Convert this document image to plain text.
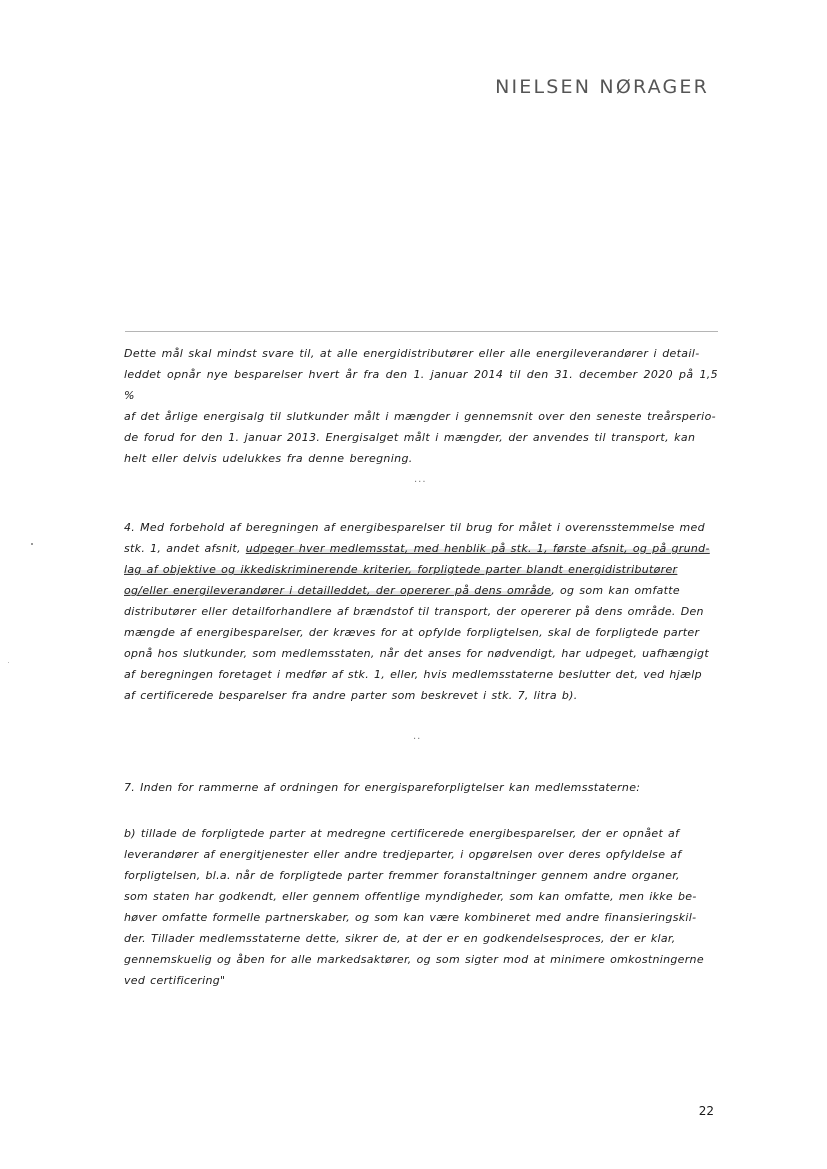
NIELSEN NØRAGER

Dette mål skal mindst svare til, at alle energidistributører eller alle energileverandører i detail-
leddet opnår nye besparelser hvert år fra den 1. januar 2014 til den 31. december 2020 på 1,5 %
af det årlige energisalg til slutkunder målt i mængder i gennemsnit over den seneste treårsperio-
de forud for den 1. januar 2013. Energisalget målt i mængder, der anvendes til transport, kan
helt eller delvis udelukkes fra denne beregning.

...

4. Med forbehold af beregningen af energibesparelser til brug for målet i overensstemmelse med
stk. 1, andet afsnit, udpeger hver medlemsstat, med henblik på stk. 1, første afsnit, og på grund-
lag af objektive og ikkediskriminerende kriterier, forpligtede parter blandt energidistributører
og/eller energileverandører i detailleddet, der opererer på dens område, og som kan omfatte
distributører eller detailforhandlere af brændstof til transport, der opererer på dens område. Den
mængde af energibesparelser, der kræves for at opfylde forpligtelsen, skal de forpligtede parter
opnå hos slutkunder, som medlemsstaten, når det anses for nødvendigt, har udpeget, uafhængigt
af beregningen foretaget i medfør af stk. 1, eller, hvis medlemsstaterne beslutter det, ved hjælp
af certificerede besparelser fra andre parter som beskrevet i stk. 7, litra b).

..

7. Inden for rammerne af ordningen for energispareforpligtelser kan medlemsstaterne:

b) tillade de forpligtede parter at medregne certificerede energibesparelser, der er opnået af
leverandører af energitjenester eller andre tredjeparter, i opgørelsen over deres opfyldelse af
forpligtelsen, bl.a. når de forpligtede parter fremmer foranstaltninger gennem andre organer,
som staten har godkendt, eller gennem offentlige myndigheder, som kan omfatte, men ikke be-
høver omfatte formelle partnerskaber, og som kan være kombineret med andre finansieringskil-
der. Tillader medlemsstaterne dette, sikrer de, at der er en godkendelsesproces, der er klar,
gennemskuelig og åben for alle markedsaktører, og som sigter mod at minimere omkostningerne
ved certificering"

22
